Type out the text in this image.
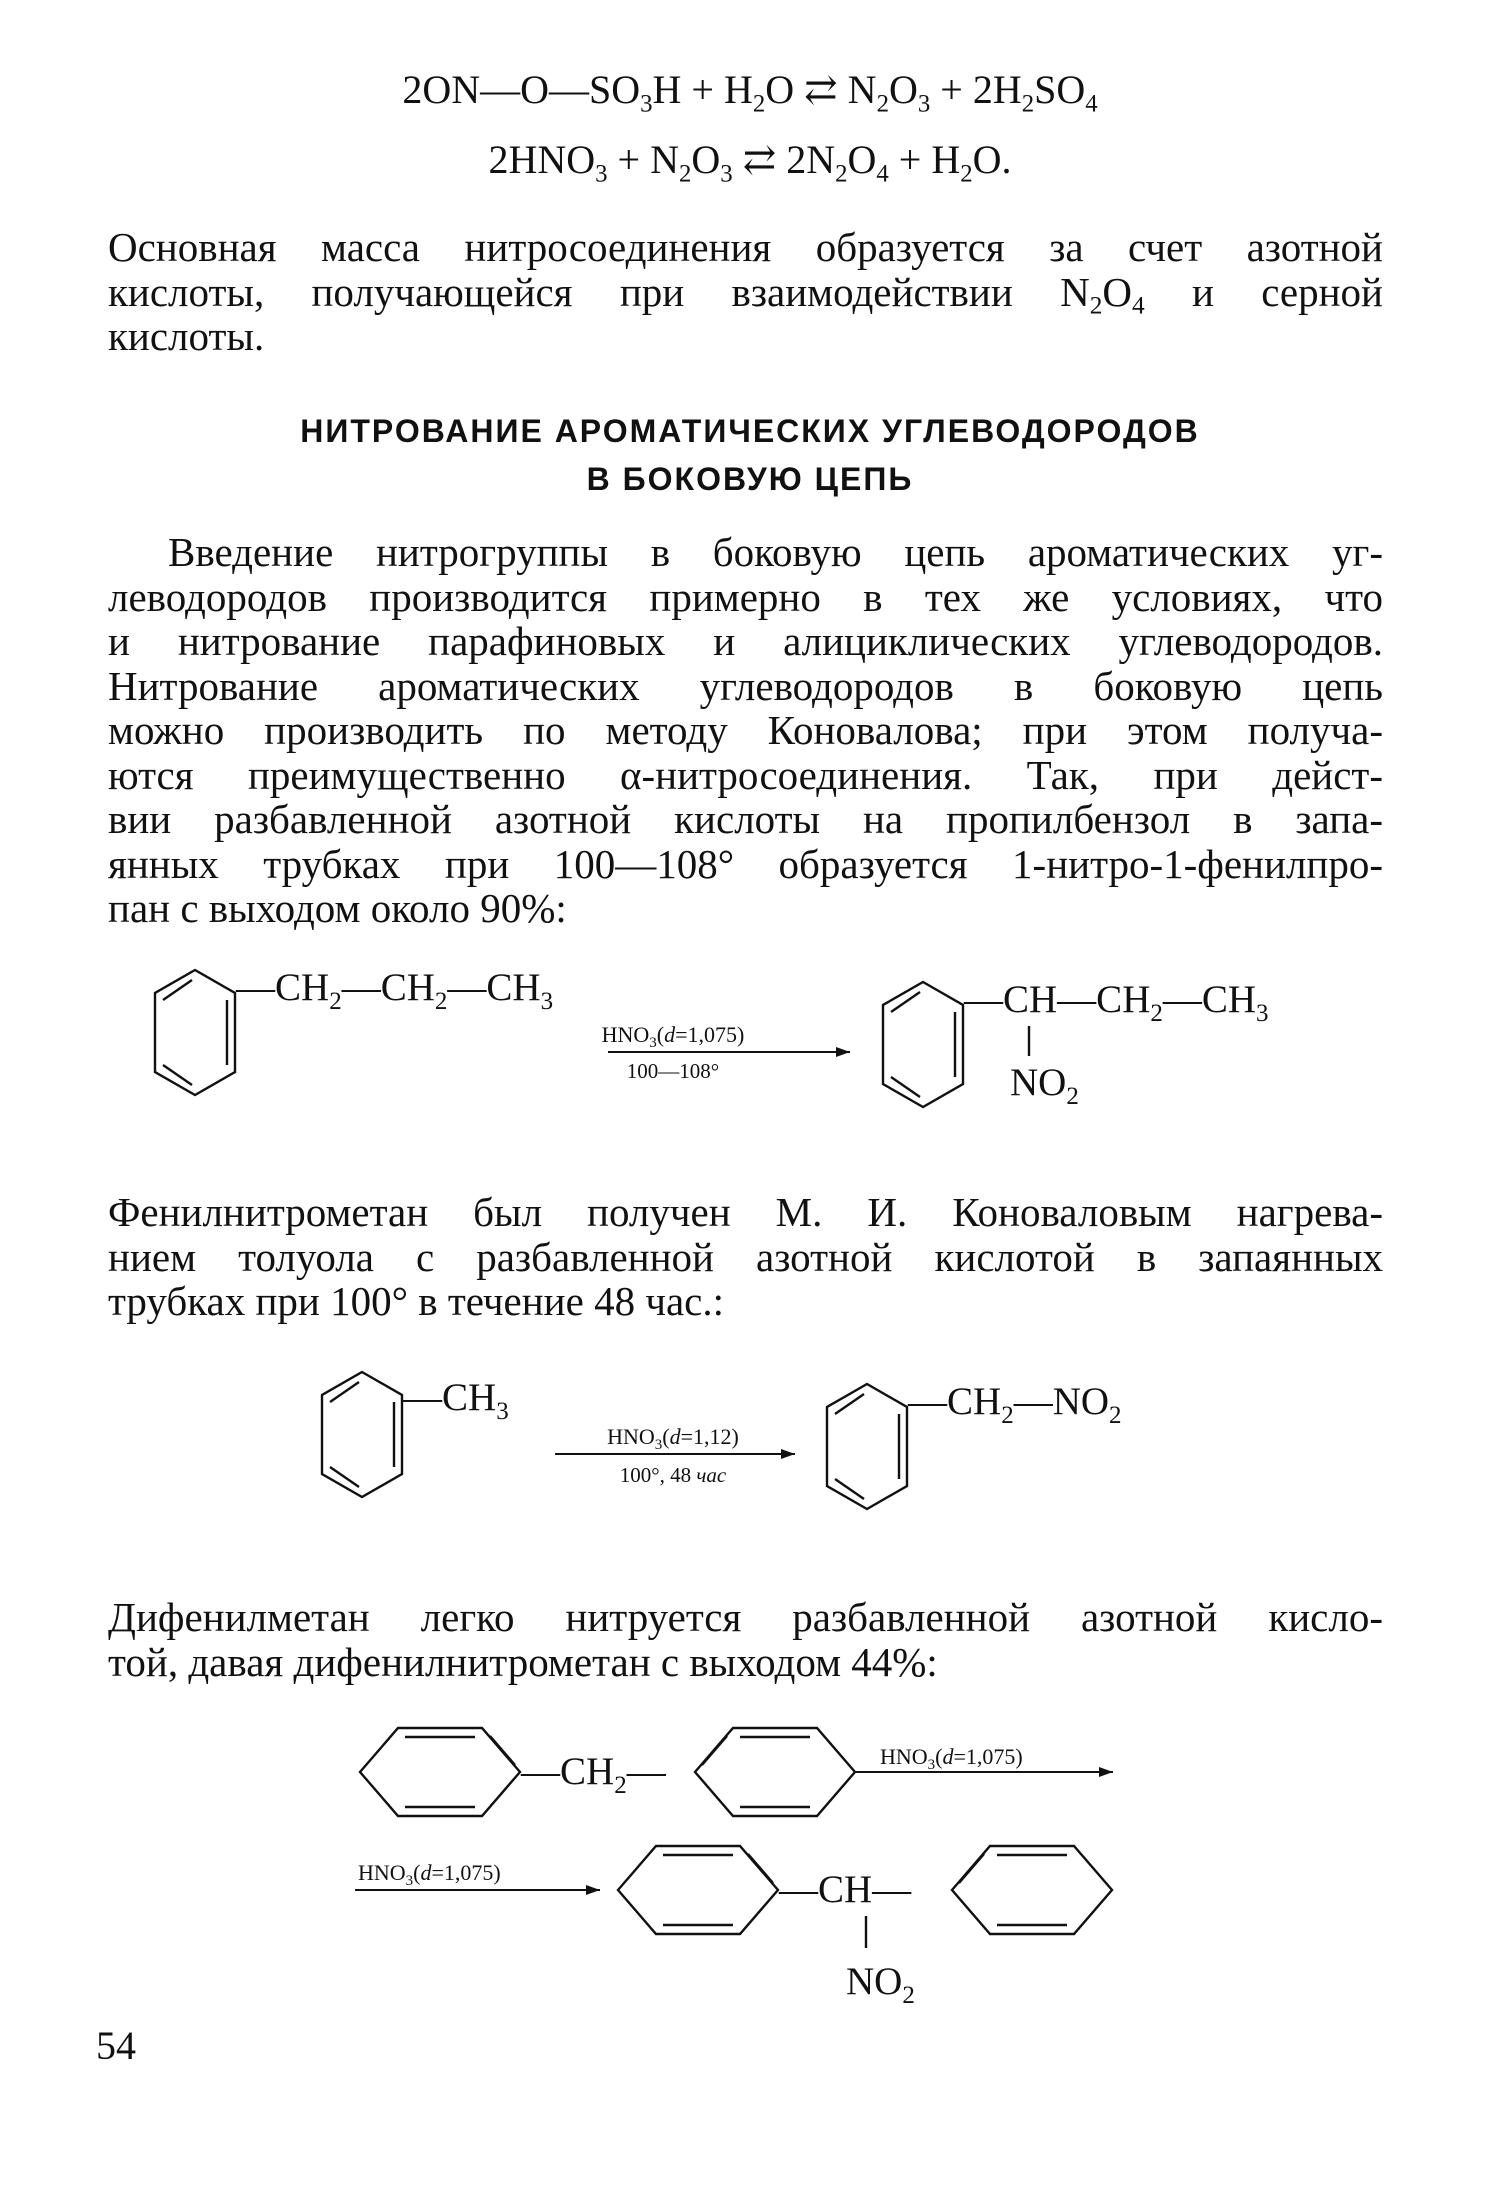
$2ON—O—SO_3H + H_2O$ ⇄ $N_2O_3 + 2H_2SO_4$
$2HNO_3 + N_2O_3$ ⇄ $2N_2O_4 + H_2O$.
Основная масса нитросоединения образуется за счет азотной
кислоты, получающейся при взаимодействии $N_2O_4$ и серной
кислоты.
НИТРОВАНИЕ АРОМАТИЧЕСКИХ УГЛЕВОДОРОДОВ
В БОКОВУЮ ЦЕПЬ
Введение нитрогруппы в боковую цепь ароматических уг-
леводородов производится примерно в тех же условиях, что
и нитрование парафиновых и алициклических углеводородов.
Нитрование ароматических углеводородов в боковую цепь
можно производить по методу Коновалова; при этом получа-
ются преимущественно α-нитросоединения. Так, при дейст-
вии разбавленной азотной кислоты на пропилбензол в запа-
янных трубках при 100—108° образуется 1-нитро-1-фенилпро-
пан с выходом около 90%:
$—CH_2—CH_2—CH_3$
$HNO_3(d=1,075)$
100—108°
$—CH—CH_2—CH_3$
$NO_2$
Фенилнитрометан был получен М. И. Коноваловым нагрева-
нием толуола с разбавленной азотной кислотой в запаянных
трубках при 100° в течение 48 час.:
$—CH_3$
$HNO_3(d=1,12)$
100°, 48 час
$—CH_2—NO_2$
Дифенилметан легко нитруется разбавленной азотной кисло-
той, давая дифенилнитрометан с выходом 44%:
$—CH_2—$	$HNO_3(d=1,075)$
$HNO_3(d=1,075)$	—CH—
$NO_2$
54
